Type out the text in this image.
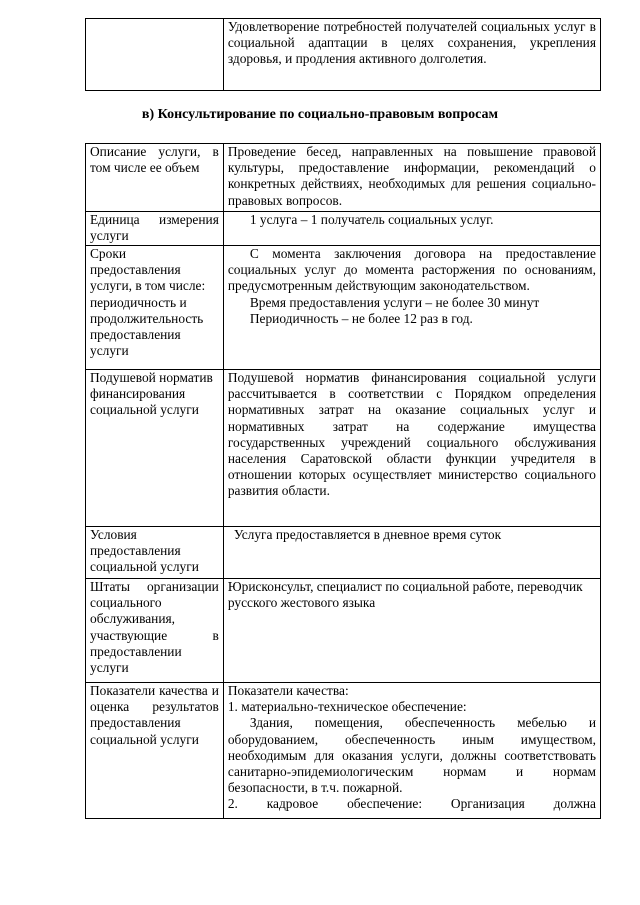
Удовлетворение потребностей получателей социальных услуг в социальной адаптации в целях сохранения, укрепления здоровья, и продления активного долголетия.

в) Консультирование по социально-правовым вопросам

Описание услуги, в том числе ее объем	Проведение бесед, направленных на повышение правовой культуры, предоставление информации, рекомендаций о конкретных действиях, необходимых для решения социально-правовых вопросов.

Единица измерения услуги	1 услуга – 1 получатель социальных услуг.

Сроки предоставления услуги, в том числе: периодичность и продолжительность предоставления услуги	С момента заключения договора на предоставление социальных услуг до момента расторжения по основаниям, предусмотренным действующим законодательством.

Время предоставления услуги – не более 30 минут

Периодичность – не более 12 раз в год.

Подушевой норматив финансирования социальной услуги	Подушевой норматив финансирования социальной услуги рассчитывается в соответствии с Порядком определения нормативных затрат на оказание социальных услуг и нормативных затрат на содержание имущества государственных учреждений социального обслуживания населения Саратовской области функции учредителя в отношении которых осуществляет министерство социального развития области.

Условия предоставления социальной услуги	Услуга предоставляется в дневное время суток

Штаты организации социального обслуживания, участвующие в предоставлении услуги	Юрисконсульт, специалист по социальной работе, переводчик русского жестового языка

Показатели качества и оценка результатов предоставления социальной услуги	Показатели качества:

1. материально-техническое обеспечение:

Здания, помещения, обеспеченность мебелью и оборудованием, обеспеченность иным имуществом, необходимым для оказания услуги, должны соответствовать санитарно-эпидемиологическим нормам и нормам безопасности, в т.ч. пожарной.

2. кадровое обеспечение: Организация должна
